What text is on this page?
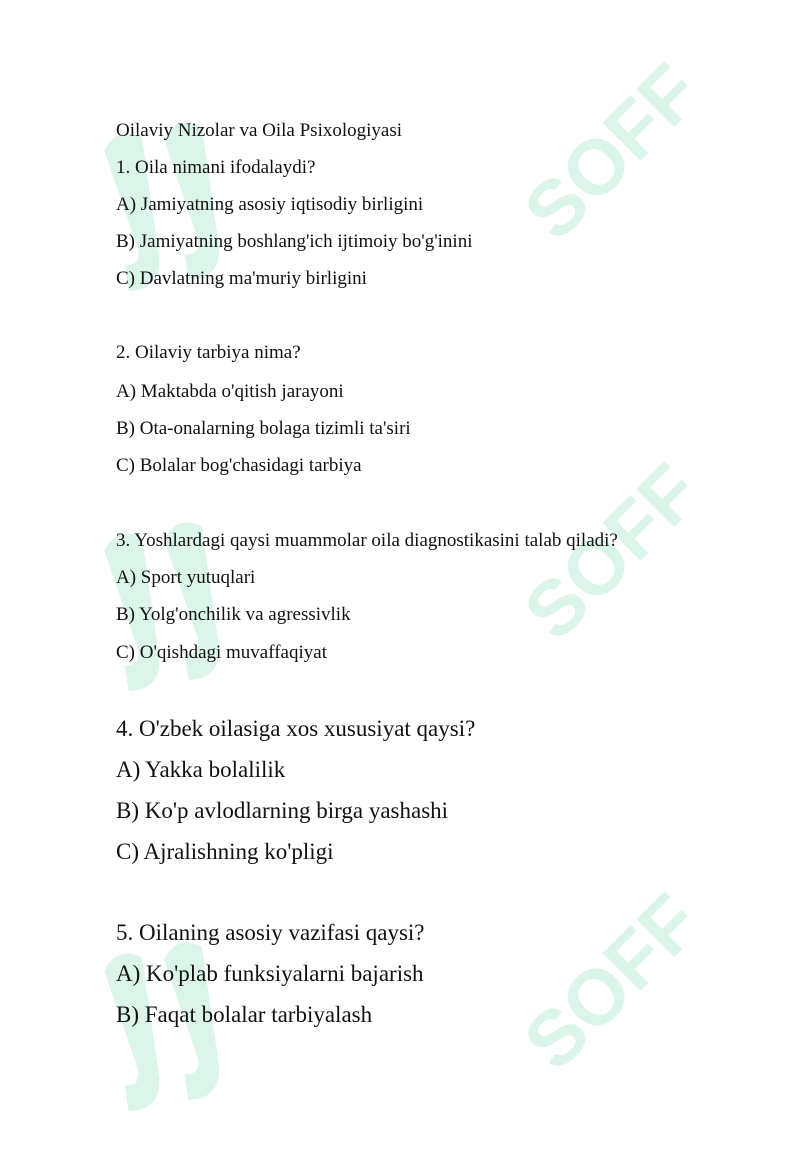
SOFF
SOFF
SOFF
Oilaviy Nizolar va Oila Psixologiyasi
1. Oila nimani ifodalaydi?
A) Jamiyatning asosiy iqtisodiy birligini
B) Jamiyatning boshlang'ich ijtimoiy bo'g'inini
C) Davlatning ma'muriy birligini
2. Oilaviy tarbiya nima?
A) Maktabda o'qitish jarayoni
B) Ota-onalarning bolaga tizimli ta'siri
C) Bolalar bog'chasidagi tarbiya
3. Yoshlardagi qaysi muammolar oila diagnostikasini talab qiladi?
A) Sport yutuqlari
B) Yolg'onchilik va agressivlik
C) O'qishdagi muvaffaqiyat
4. O'zbek oilasiga xos xususiyat qaysi?
A) Yakka bolalilik
B) Ko'p avlodlarning birga yashashi
C) Ajralishning ko'pligi
5. Oilaning asosiy vazifasi qaysi?
A) Ko'plab funksiyalarni bajarish
B) Faqat bolalar tarbiyalash
